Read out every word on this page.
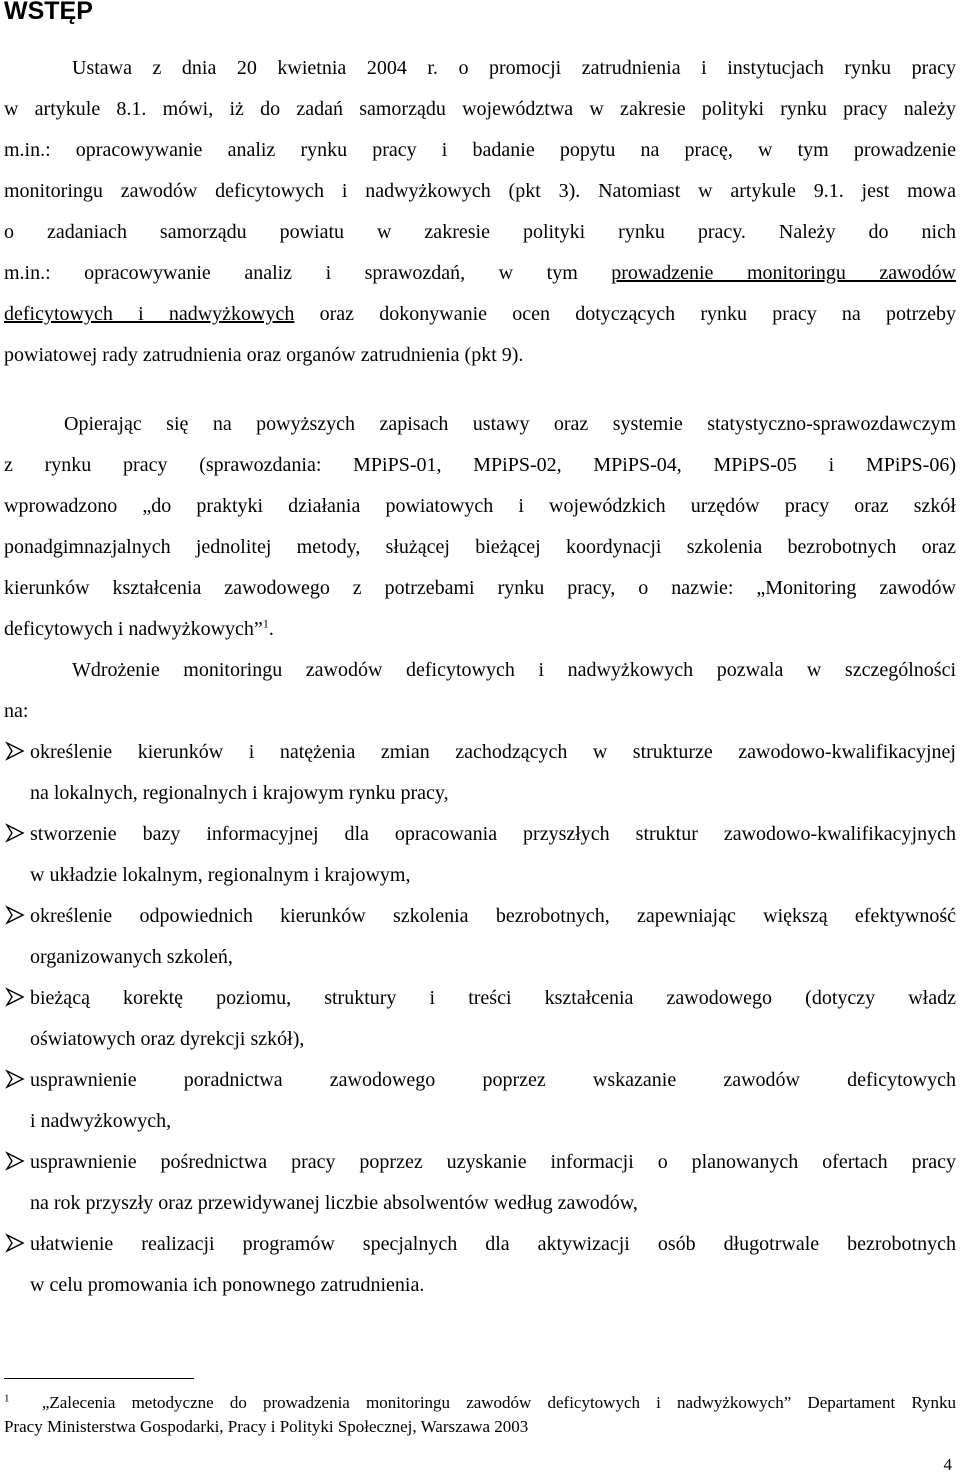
WSTĘP
Ustawa z dnia 20 kwietnia 2004 r. o promocji zatrudnienia i instytucjach rynku pracy
w artykule 8.1. mówi, iż do zadań samorządu województwa w zakresie polityki rynku pracy należy
m.in.: opracowywanie analiz rynku pracy i badanie popytu na pracę, w tym prowadzenie
monitoringu zawodów deficytowych i nadwyżkowych (pkt 3). Natomiast w artykule 9.1. jest mowa
o zadaniach samorządu powiatu w zakresie polityki rynku pracy. Należy do nich
m.in.: opracowywanie analiz i sprawozdań, w tym prowadzenie monitoringu zawodów
deficytowych i nadwyżkowych oraz dokonywanie ocen dotyczących rynku pracy na potrzeby
powiatowej rady zatrudnienia oraz organów zatrudnienia (pkt 9).
Opierając się na powyższych zapisach ustawy oraz systemie statystyczno-sprawozdawczym
z rynku pracy (sprawozdania: MPiPS-01, MPiPS-02, MPiPS-04, MPiPS-05 i MPiPS-06)
wprowadzono „do praktyki działania powiatowych i wojewódzkich urzędów pracy oraz szkół
ponadgimnazjalnych jednolitej metody, służącej bieżącej koordynacji szkolenia bezrobotnych oraz
kierunków kształcenia zawodowego z potrzebami rynku pracy, o nazwie: „Monitoring zawodów
deficytowych i nadwyżkowych”$^1$.
Wdrożenie monitoringu zawodów deficytowych i nadwyżkowych pozwala w szczególności
na:
określenie kierunków i natężenia zmian zachodzących w strukturze zawodowo-kwalifikacyjnej
na lokalnych, regionalnych i krajowym rynku pracy,
stworzenie bazy informacyjnej dla opracowania przyszłych struktur zawodowo-kwalifikacyjnych
w układzie lokalnym, regionalnym i krajowym,
określenie odpowiednich kierunków szkolenia bezrobotnych, zapewniając większą efektywność
organizowanych szkoleń,
bieżącą korektę poziomu, struktury i treści kształcenia zawodowego (dotyczy władz
oświatowych oraz dyrekcji szkół),
usprawnienie poradnictwa zawodowego poprzez wskazanie zawodów deficytowych
i nadwyżkowych,
usprawnienie pośrednictwa pracy poprzez uzyskanie informacji o planowanych ofertach pracy
na rok przyszły oraz przewidywanej liczbie absolwentów według zawodów,
ułatwienie realizacji programów specjalnych dla aktywizacji osób długotrwale bezrobotnych
w celu promowania ich ponownego zatrudnienia.
$^1$ „Zalecenia metodyczne do prowadzenia monitoringu zawodów deficytowych i nadwyżkowych” Departament Rynku
Pracy Ministerstwa Gospodarki, Pracy i Polityki Społecznej, Warszawa 2003
4
